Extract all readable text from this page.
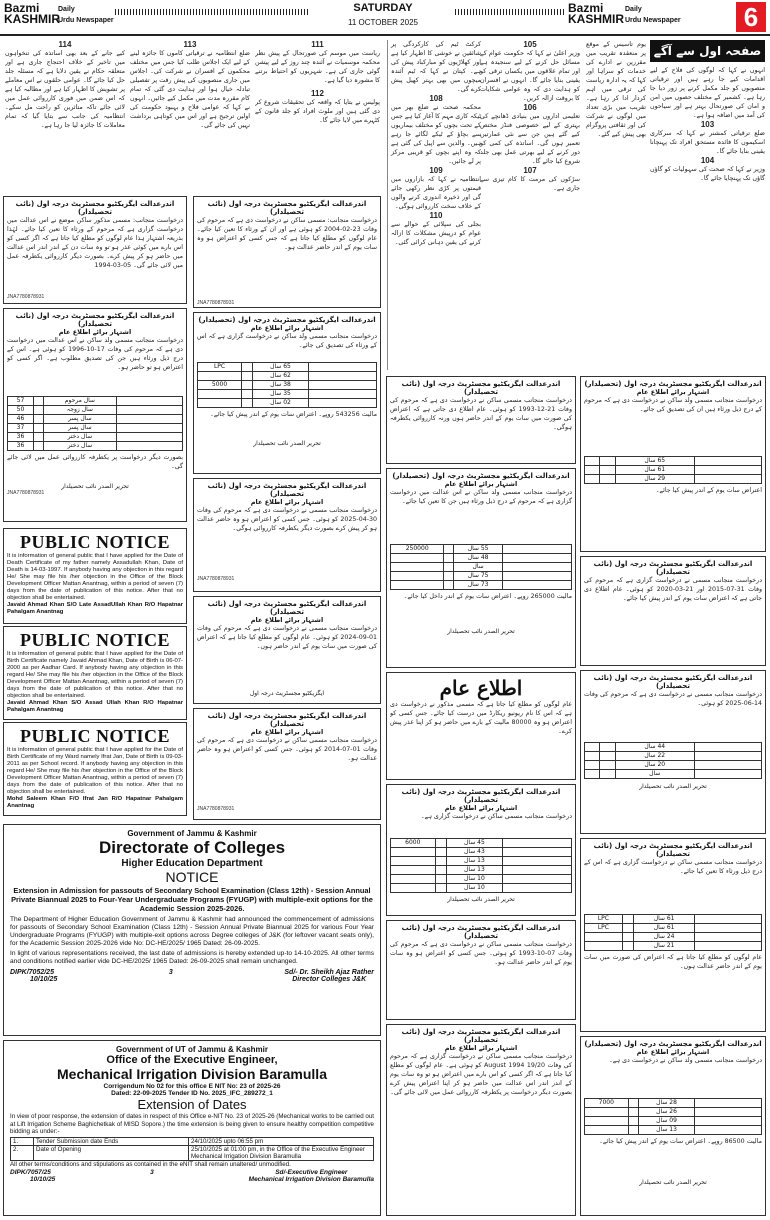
Bazmi
KASHMIR
Daily
Urdu Newspaper
SATURDAY
11 OCTOBER 2025
Bazmi
KASHMIR
Daily
Urdu Newspaper 6
114
کیے جانے کے بعد بھی اساتذہ کی تنخواہوں میں تاخیر کے خلاف احتجاج جاری ہے اور متعلقہ حکام نے یقین دلایا ہے کہ مسئلہ جلد حل کیا جائے گا۔ عوامی حلقوں نے اس معاملے پر تشویش کا اظہار کیا ہے اور مطالبہ کیا ہے کہ اس ضمن میں فوری کارروائی عمل میں لائی جائے تاکہ متاثرین کو راحت مل سکے۔ انتظامیہ کی جانب سے بتایا گیا کہ تمام معاملات کا جائزہ لیا جا رہا ہے۔
113
ضلع انتظامیہ نے ترقیاتی کاموں کا جائزہ لینے کے لیے ایک اجلاس طلب کیا جس میں مختلف محکموں کے افسران نے شرکت کی۔ اجلاس میں جاری منصوبوں کی پیش رفت پر تفصیلی تبادلہ خیال ہوا اور ہدایت دی گئی کہ تمام کام مقررہ مدت میں مکمل کیے جائیں۔ انہوں نے کہا کہ عوامی فلاح و بہبود حکومت کی اولین ترجیح ہے اور اس میں کوتاہی برداشت نہیں کی جائے گی۔
111
ریاست میں موسم کی صورتحال کے پیش نظر محکمہ موسمیات نے آئندہ چند روز کے لیے پیشن گوئی جاری کی ہے۔ شہریوں کو احتیاط برتنے کا مشورہ دیا گیا ہے۔
112
پولیس نے بتایا کہ واقعہ کی تحقیقات شروع کر دی گئی ہیں اور ملوث افراد کو جلد قانون کے کٹہرے میں لایا جائے گا۔
کرکٹ ٹیم کی کارکردگی پر شائقین نے خوشی کا اظہار کیا ہے اور کھلاڑیوں کو مبارکباد پیش کی ہے۔ کپتان نے کہا کہ ٹیم آئندہ میچوں میں بھی بہتر کھیل پیش کرے گی۔
108
محکمہ صحت نے ضلع بھر میں ٹیکہ کاری مہم کا آغاز کیا ہے جس کے تحت بچوں کو مختلف بیماریوں سے بچاؤ کے ٹیکے لگائے جا رہے ہیں۔ والدین سے اپیل کی گئی ہے کہ وہ اپنے بچوں کو قریبی مرکز پر لے جائیں۔
109
انتظامیہ نے کہا کہ بازاروں میں قیمتوں پر کڑی نظر رکھی جائے گی اور ذخیرہ اندوزی کرنے والوں کے خلاف سخت کارروائی ہوگی۔
110
بجلی کی سپلائی کے حوالے سے عوام کو درپیش مشکلات کا ازالہ کرنے کی یقین دہانی کرائی گئی۔
105
وزیر اعلیٰ نے کہا کہ حکومت عوام کے مسائل حل کرنے کے لیے سنجیدہ ہے اور تمام علاقوں میں یکساں ترقی کو یقینی بنایا جائے گا۔ انہوں نے افسران کو ہدایت دی کہ وہ عوامی شکایات کا بروقت ازالہ کریں۔
106
تعلیمی اداروں میں بنیادی ڈھانچے کی بہتری کے لیے خصوصی فنڈز مختص کیے گئے ہیں جن سے نئی عمارتیں تعمیر ہوں گی۔ اساتذہ کی کمی کو دور کرنے کے لیے بھرتی عمل بھی جلد شروع کیا جائے گا۔
107
سڑکوں کی مرمت کا کام تیزی سے جاری ہے۔
صفحہ اول سے آگے
یوم تاسیس کے موقع پر منعقدہ تقریب میں مقررین نے ادارے کی خدمات کو سراہا اور کہا کہ یہ ادارہ ریاست کی ترقی میں اہم کردار ادا کر رہا ہے۔ تقریب میں بڑی تعداد میں لوگوں نے شرکت کی اور ثقافتی پروگرام بھی پیش کیے گئے۔
انہوں نے کہا کہ لوگوں کی فلاح کے لیے اقدامات کیے جا رہے ہیں اور ترقیاتی منصوبوں کو جلد مکمل کرنے پر زور دیا جا رہا ہے۔ کشمیر کے مختلف حصوں میں امن و امان کی صورتحال بہتر ہے اور سیاحوں کی آمد میں اضافہ ہوا ہے۔
103
ضلع ترقیاتی کمشنر نے کہا کہ سرکاری اسکیموں کا فائدہ مستحق افراد تک پہنچانا یقینی بنایا جائے گا۔
104
وزیر نے کہا کہ صحت کی سہولیات کو گاؤں گاؤں تک پہنچایا جائے گا۔
اندرعدالت ایگزیکٹیو مجسٹریٹ درجہ اول (نائب تحصیلدار)
درخواست منجانب: مسمی مذکور ساکن موضع نے اس عدالت میں درخواست گزاری ہے کہ مرحوم کے ورثاء کا تعین کیا جائے۔ لہٰذا بذریعہ اشتہار ہذا عام لوگوں کو مطلع کیا جاتا ہے کہ اگر کسی کو اس بارے میں کوئی عذر ہو تو وہ سات دن کے اندر اندر اس عدالت میں حاضر ہو کر پیش کرے۔ بصورت دیگر کارروائی یکطرفہ عمل میں لائی جائے گی۔ 05-03-1994
JNA7780878931
اندرعدالت ایگزیکٹیو مجسٹریٹ درجہ اول (نائب تحصیلدار)
اشتہار برائے اطلاع عام
درخواست منجانب مسمی ولد ساکن نے اس عدالت میں درخواست دی ہے کہ مرحوم کی وفات 17-10-1996 کو ہوئی ہے۔ اس کے درج ذیل ورثاء ہیں جن کی تصدیق مطلوب ہے۔ اگر کسی کو اعتراض ہو تو حاضر ہو۔
	سال مرحوم		57
	سال زوجہ		50
	سال پسر		46
	سال پسر		37
	سال دختر		36
	سال دختر		36
بصورت دیگر درخواست پر یکطرفہ کارروائی عمل میں لائی جائے گی۔
تحریر الصدر نائب تحصیلدار
JNA7780878931
PUBLIC NOTICE
It is information of general public that I have applied for the Date of Death Certificate of my father namely Assadullah Khan, Date of Death is 14-03-1997. If anybody having any objection in this regard He/ She may file his /her objection in the Office of the Block Development Officer Mattan Anantnag, within a period of seven (7) days from the date of publication of this notice. After that no objection shall be entertained.
Javaid Ahmad Khan S/O Late AssadUllah Khan R/O Hapatnar Pahalgam Anantnag
PUBLIC NOTICE
It is information of general public that I have applied for the Date of Birth Certificate namely Javaid Ahmad Khan, Date of Birth is 06-07-2000 as per Aadhar Card. If anybody having any objection in this regard He/ She may file his /her objection in the Office of the Block Development Officer Mattan Anantnag, within a period of seven (7) days from the date of publication of this notice. After that no objection shall be entertained.
Javaid Ahmad Khan S/O Assad Ullah Khan R/O Hapatnar Pahalgam Anantnag
PUBLIC NOTICE
It is information of general public that I have applied for the Date of Birth Certificate of my Ward namely Ifrat Jan, Date of Birth is 09-03-2011 as per School record. If anybody having any objection in this regard He/ She may file his /her objection in the Office of the Block Development Officer Mattan Anantnag, within a period of seven (7) days from the date of publication of this notice. After that no objection shall be entertained.
Mohd Saleem Khan F/O Ifrat Jan R/O Hapatnar Pahalgam Anantnag
اندرعدالت ایگزیکٹیو مجسٹریٹ درجہ اول (نائب تحصیلدار)
درخواست منجانب: مسمی ساکن نے درخواست دی ہے کہ مرحوم کی وفات 23-02-2004 کو ہوئی ہے اور ان کے ورثاء کا تعین کیا جائے۔ عام لوگوں کو مطلع کیا جاتا ہے کہ جس کسی کو اعتراض ہو وہ سات یوم کے اندر حاضر عدالت ہو۔
JNA7780878931
اندرعدالت ایگزیکٹیو مجسٹریٹ درجہ اول (تحصیلدار)
اشتہار برائے اطلاع عام
درخواست منجانب مسمی ولد ساکن نے درخواست گزاری ہے کہ اس کے ورثاء کی تصدیق کی جائے۔
	65 سال		LPC
	62 سال		
	38 سال		5000
	35 سال		
	02 سال		
مالیت 543256 روپے۔ اعتراض سات یوم کے اندر پیش کیا جائے۔
تحریر الصدر نائب تحصیلدار
اندرعدالت ایگزیکٹیو مجسٹریٹ درجہ اول (نائب تحصیلدار)
اشتہار برائے اطلاع عام
درخواست منجانب مسمی نے درخواست دی ہے کہ مرحوم کی وفات 30-04-2025 کو ہوئی۔ جس کسی کو اعتراض ہو وہ حاضر عدالت ہو کر پیش کرے بصورت دیگر یکطرفہ کارروائی ہوگی۔
JNA7780878931
اندرعدالت ایگزیکٹیو مجسٹریٹ درجہ اول (نائب تحصیلدار)
اشتہار برائے اطلاع عام
درخواست منجانب مسمی نے درخواست دی ہے کہ مرحوم کی وفات 01-09-2024 کو ہوئی۔ عام لوگوں کو مطلع کیا جاتا ہے کہ اعتراض کی صورت میں سات یوم کے اندر حاضر ہوں۔
ایگزیکٹیو مجسٹریٹ درجہ اول
اندرعدالت ایگزیکٹیو مجسٹریٹ درجہ اول (نائب تحصیلدار)
اشتہار برائے اطلاع عام
درخواست منجانب مسمی ساکن نے درخواست دی ہے کہ مرحوم کی وفات 01-07-2014 کو ہوئی۔ جس کسی کو اعتراض ہو وہ حاضر عدالت ہو۔
JNA7780878931
Government of Jammu & Kashmir
Directorate of Colleges
Higher Education Department
NOTICE
Extension in Admission for passouts of Secondary School Examination (Class 12th) - Session Annual Private Biannual 2025 to Four-Year Undergraduate Programs (FYUGP) with multiple-exit options for the Academic Session 2025-2026.
The Department of Higher Education Government of Jammu & Kashmir had announced the commencement of admissions for passouts of Secondary School Examination (Class 12th) - Session Annual Private Biannual 2025 for various Four Year Undergraduate Programs (FYUGP) with multiple-exit options across Degree colleges of J&K (for leftover vacant seats only), for the Academic Session 2025-2026 vide No: DC-HE/2025/ 1965 Dated: 26-09-2025.
In light of various representations received, the last date of admissions is hereby extended up-to 14-10-2025. All other terms and conditions notified earlier vide DC-HE/2025/ 1965 Dated: 26-09-2025 shall remain unchanged.
DIPK/7052/25
10/10/25
3	Sd/- Dr. Sheikh Ajaz Rather
Director Colleges J&K
Government of UT of Jammu & Kashmir
Office of the Executive Engineer,
Mechanical Irrigation Division Baramulla
Corrigendum No 02 for this office E NIT No: 23 of 2025-26
Dated: 22-09-2025 Tender ID No. 2025_IFC_289272_1
Extension of Dates
In view of poor response, the extension of dates in respect of this Office e-NIT No. 23 of 2025-26 (Mechanical works to be carried out at Lift Irrigation Scheme Baghichetkak of MISD Sopore.) the time extension is being given to ensure healthy competition competitive bidding as under:-
1.	Tender Submission date Ends	24/10/2025 upto 06:55 pm
2.	Date of Opening	25/10/2025 at 01:00 pm, in the Office of the Executive Engineer Mechanical Irrigation Division Baramulla
All other terms/conditions and stipulations as contained in the eNIT shall remain unaltered/ unmodified.
DIPK/7057/25
10/10/25
3	Sd/-Executive Engineer
Mechanical Irrigation Division Baramulla
اندرعدالت ایگزیکٹیو مجسٹریٹ درجہ اول (نائب تحصیلدار)
درخواست منجانب مسمی ساکن نے درخواست دی ہے کہ مرحوم کی وفات 21-12-1993 کو ہوئی۔ عام اطلاع دی جاتی ہے کہ اعتراض کی صورت میں سات یوم کے اندر حاضر ہوں ورنہ کارروائی یکطرفہ ہوگی۔
اندرعدالت ایگزیکٹیو مجسٹریٹ درجہ اول (تحصیلدار)
اشتہار برائے اطلاع عام
درخواست منجانب مسمی ولد ساکن نے اس عدالت میں درخواست گزاری ہے کہ مرحوم کے درج ذیل ورثاء ہیں جن کا تعین کیا جائے۔
	55 سال		250000
	48 سال		
	سال		
	75 سال		
	73 سال		
مالیت 265000 روپے۔ اعتراض سات یوم کے اندر داخل کیا جائے۔
تحریر الصدر نائب تحصیلدار
اطلاع عام
عام لوگوں کو مطلع کیا جاتا ہے کہ مسمی مذکور نے درخواست دی ہے کہ اس کا نام ریونیو ریکارڈ میں درست کیا جائے۔ جس کسی کو اعتراض ہو وہ 80000 مالیت کے بارے میں حاضر ہو کر اپنا عذر پیش کرے۔
اندرعدالت ایگزیکٹیو مجسٹریٹ درجہ اول (نائب تحصیلدار)
اشتہار برائے اطلاع عام
درخواست منجانب مسمی ساکن نے درخواست گزاری ہے۔
	45 سال		6000
	43 سال		
	13 سال		
	13 سال		
	10 سال		
	10 سال		
تحریر الصدر نائب تحصیلدار
اندرعدالت ایگزیکٹیو مجسٹریٹ درجہ اول (نائب تحصیلدار)
درخواست منجانب مسمی ساکن نے درخواست دی ہے کہ مرحوم کی وفات 07-10-1993 کو ہوئی۔ جس کسی کو اعتراض ہو وہ سات یوم کے اندر حاضر عدالت ہو۔
اندرعدالت ایگزیکٹیو مجسٹریٹ درجہ اول (نائب تحصیلدار)
اشتہار برائے اطلاع عام
درخواست منجانب مسمی ساکن نے درخواست گزاری ہے کہ مرحوم کی وفات 19/20 August 1994 کو ہوئی ہے۔ عام لوگوں کو مطلع کیا جاتا ہے کہ اگر کسی کو اس بارے میں اعتراض ہو تو وہ سات یوم کے اندر اندر اس عدالت میں حاضر ہو کر اپنا اعتراض پیش کرے بصورت دیگر درخواست پر یکطرفہ کارروائی عمل میں لائی جائے گی۔
اندرعدالت ایگزیکٹیو مجسٹریٹ درجہ اول (تحصیلدار)
اشتہار برائے اطلاع عام
درخواست منجانب مسمی ولد ساکن نے درخواست دی ہے کہ مرحوم کے درج ذیل ورثاء ہیں ان کی تصدیق کی جائے۔
	65 سال		
	61 سال		
	29 سال		
اعتراض سات یوم کے اندر پیش کیا جائے۔
اندرعدالت ایگزیکٹیو مجسٹریٹ درجہ اول (نائب تحصیلدار)
درخواست منجانب مسمی نے درخواست گزاری ہے کہ مرحوم کی وفات 31-07-2015 اور 21-03-2020 کو ہوئی۔ عام اطلاع دی جاتی ہے کہ اعتراض سات یوم کے اندر پیش کیا جائے۔
اندرعدالت ایگزیکٹیو مجسٹریٹ درجہ اول (نائب تحصیلدار)
درخواست منجانب مسمی نے درخواست دی ہے کہ مرحوم کی وفات 14-06-2025 کو ہوئی۔
	44 سال		
	22 سال		
	20 سال		
	سال		
تحریر الصدر نائب تحصیلدار
اندرعدالت ایگزیکٹیو مجسٹریٹ درجہ اول (نائب تحصیلدار)
درخواست منجانب مسمی ساکن نے درخواست گزاری ہے کہ اس کے درج ذیل ورثاء کا تعین کیا جائے۔
	61 سال		LPC
	61 سال		LPC
	24 سال		
	21 سال		
عام لوگوں کو مطلع کیا جاتا ہے کہ اعتراض کی صورت میں سات یوم کے اندر حاضر عدالت ہوں۔
اندرعدالت ایگزیکٹیو مجسٹریٹ درجہ اول (تحصیلدار)
اشتہار برائے اطلاع عام
درخواست منجانب مسمی ولد ساکن نے درخواست دی ہے۔
	28 سال		7000
	26 سال		
	09 سال		
	13 سال		
مالیت 86500 روپے۔ اعتراض سات یوم کے اندر پیش کیا جائے۔
تحریر الصدر نائب تحصیلدار
